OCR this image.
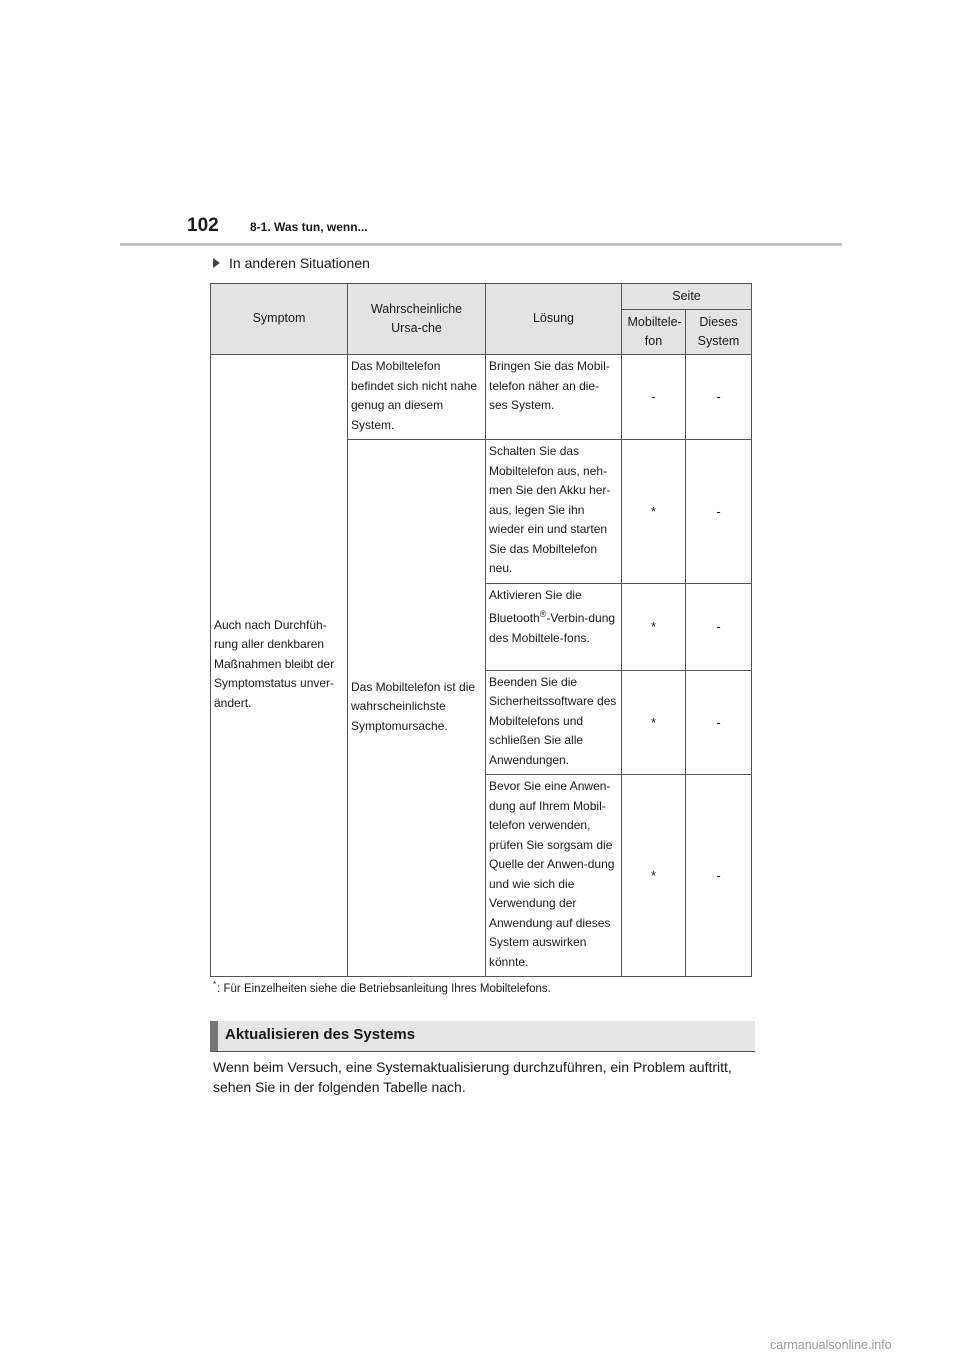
102	8-1. Was tun, wenn...
In anderen Situationen
Symptom	Wahrscheinliche Ursa-che	Lösung	Seite	

			Mobiltele-fon	Dieses System

Auch nach Durchfüh-rung aller denkbaren Maßnahmen bleibt der Symptomstatus unver-ändert.	Das Mobiltelefon befindet sich nicht nahe genug an diesem System.	Bringen Sie das Mobil-telefon näher an die-ses System.	-	-
	Das Mobiltelefon ist die wahrscheinlichste Symptomursache.	Schalten Sie das Mobiltelefon aus, neh-men Sie den Akku her-aus, legen Sie ihn wieder ein und starten Sie das Mobiltelefon neu.	*	-
		Aktivieren Sie die Bluetooth®-Verbin-dung des Mobiltele-fons.	*	-
		Beenden Sie die Sicherheitssoftware des Mobiltelefons und schließen Sie alle Anwendungen.	*	-
		Bevor Sie eine Anwen-dung auf Ihrem Mobil-telefon verwenden, prüfen Sie sorgsam die Quelle der Anwen-dung und wie sich die Verwendung der Anwendung auf dieses System auswirken könnte.	*	-
*: Für Einzelheiten siehe die Betriebsanleitung Ihres Mobiltelefons.
Aktualisieren des Systems
Wenn beim Versuch, eine Systemaktualisierung durchzuführen, ein Problem auftritt, sehen Sie in der folgenden Tabelle nach.
carmanualsonline.info
